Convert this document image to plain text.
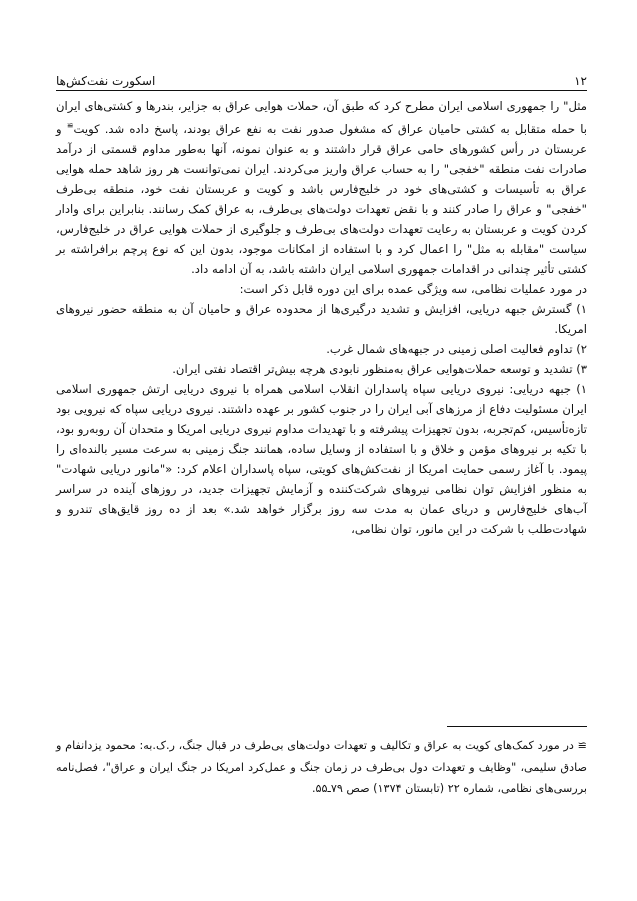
۱۲
اسکورت نفت‌کش‌ها

مثل" را جمهوری اسلامی ایران مطرح کرد که طبق آن، حملات هوایی عراق به جزایر، بندرها و کشتی‌های ایران با حمله متقابل به کشتی حامیان عراق که مشغول صدور نفت به نفع عراق بودند، پاسخ داده شد. کویت≅ و عربستان در رأس کشورهای حامی عراق قرار داشتند و به عنوان نمونه، آنها به‌طور مداوم قسمتی از درآمد صادرات نفت منطقه "خفجی" را به حساب عراق واریز می‌کردند. ایران نمی‌توانست هر روز شاهد حمله هوایی عراق به تأسیسات و کشتی‌های خود در خلیج‌فارس باشد و کویت و عربستان نفت خود، منطقه بی‌طرف "خفجی" و عراق را صادر کنند و با نقض تعهدات دولت‌های بی‌طرف، به عراق کمک رسانند. بنابراین برای وادار کردن کویت و عربستان به رعایت تعهدات دولت‌های بی‌طرف و جلوگیری از حملات هوایی عراق در خلیج‌فارس، سیاست "مقابله به مثل" را اعمال کرد و با استفاده از امکانات موجود، بدون این که نوع پرچم برافراشته بر کشتی تأثیر چندانی در اقدامات جمهوری اسلامی ایران داشته باشد، به آن ادامه داد.

در مورد عملیات نظامی، سه ویژگی عمده برای این دوره قابل ذکر است:

۱) گسترش جبهه دریایی، افزایش و تشدید درگیری‌ها از محدوده عراق و حامیان آن به منطقه حضور نیروهای امریکا.

۲) تداوم فعالیت اصلی زمینی در جبهه‌های شمال غرب.

۳) تشدید و توسعه حملات‌هوایی عراق به‌منظور نابودی هرچه بیش‌تر اقتصاد نفتی ایران.

۱) جبهه دریایی: نیروی دریایی سپاه پاسداران انقلاب اسلامی همراه با نیروی دریایی ارتش جمهوری اسلامی ایران مسئولیت دفاع از مرزهای آبی ایران را در جنوب کشور بر عهده داشتند. نیروی دریایی سپاه که نیرویی بود تازه‌تأسیس، کم‌تجربه، بدون تجهیزات پیشرفته و با تهدیدات مداوم نیروی دریایی امریکا و متحدان آن روبه‌رو بود، با تکیه بر نیروهای مؤمن و خلاق و با استفاده از وسایل ساده، همانند جنگ زمینی به سرعت مسیر بالنده‌ای را پیمود. با آغاز رسمی حمایت امریکا از نفت‌کش‌های کویتی، سپاه پاسداران اعلام کرد: «"مانور دریایی شهادت" به منظور افزایش توان نظامی نیروهای شرکت‌کننده و آزمایش تجهیزات جدید، در روزهای آینده در سراسر آب‌های خلیج‌فارس و دریای عمان به مدت سه روز برگزار خواهد شد.» بعد از ده روز قایق‌های تندرو و شهادت‌طلب با شرکت در این مانور، توان نظامی،

≅ در مورد کمک‌های کویت به عراق و تکالیف و تعهدات دولت‌های بی‌طرف در قبال جنگ، ر.ک.به: محمود یزدانفام و صادق سلیمی، "وظایف و تعهدات دول بی‌طرف در زمان جنگ و عمل‌کرد امریکا در جنگ ایران و عراق"، فصل‌نامه بررسی‌های نظامی، شماره ۲۲ (تابستان ۱۳۷۴) صص ۷۹ـ۵۵.
